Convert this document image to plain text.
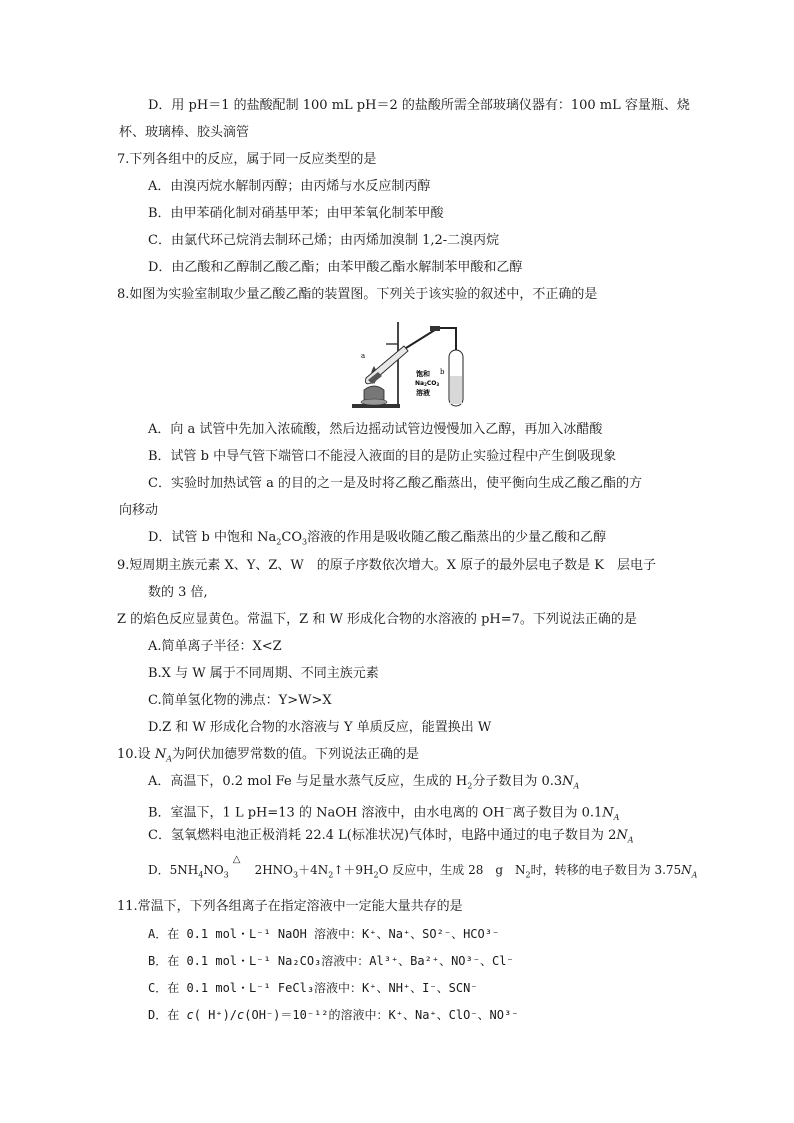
D．用 pH＝1 的盐酸配制 100 mL pH＝2 的盐酸所需全部玻璃仪器有：100 mL 容量瓶、烧
杯、玻璃棒、胶头滴管
7.下列各组中的反应，属于同一反应类型的是
A．由溴丙烷水解制丙醇；由丙烯与水反应制丙醇
B．由甲苯硝化制对硝基甲苯；由甲苯氧化制苯甲酸
C．由氯代环己烷消去制环己烯；由丙烯加溴制 1,2-二溴丙烷
D．由乙酸和乙醇制乙酸乙酯；由苯甲酸乙酯水解制苯甲酸和乙醇
8.如图为实验室制取少量乙酸乙酯的装置图。下列关于该实验的叙述中，不正确的是
a
b
饱和
Na2CO3
溶液
A．向 a 试管中先加入浓硫酸，然后边摇动试管边慢慢加入乙醇，再加入冰醋酸
B．试管 b 中导气管下端管口不能浸入液面的目的是防止实验过程中产生倒吸现象
C．实验时加热试管 a 的目的之一是及时将乙酸乙酯蒸出，使平衡向生成乙酸乙酯的方
向移动
D．试管 b 中饱和 $Na_2CO_3$溶液的作用是吸收随乙酸乙酯蒸出的少量乙酸和乙醇
9.短周期主族元素 X、Y、Z、W　的原子序数依次增大。X 原子的最外层电子数是 K　层电子
数的 3 倍,
Z 的焰色反应显黄色。常温下，Z 和 W 形成化合物的水溶液的 pH=7。下列说法正确的是
A.简单离子半径：X<Z
B.X 与 W 属于不同周期、不同主族元素
C.简单氢化物的沸点：Y>W>X
D.Z 和 W 形成化合物的水溶液与 Y 单质反应，能置换出 W
10.设 $N_A$为阿伏加德罗常数的值。下列说法正确的是
A．高温下，0.2 mol Fe 与足量水蒸气反应，生成的 $H_2$分子数目为 $0.3N_A$
B．室温下，1 L pH=13 的 NaOH 溶液中，由水电离的 OH－离子数目为 $0.1N_A$
C．氢氧燃料电池正极消耗 22.4 L(标准状况)气体时，电路中通过的电子数目为 $2N_A$
D．$5NH_4NO_3$
△
$2HNO_3+4N_2↑+9H_2O$ 反应中，生成 28　g　$N_2$时，转移的电子数目为 $3.75N_A$
11.常温下，下列各组离子在指定溶液中一定能大量共存的是
A．在 0.1 mol・L⁻¹ NaOH 溶液中：K⁺、Na⁺、SO²⁻、HCO³⁻
B．在 0.1 mol・L⁻¹ Na₂CO₃溶液中：Al³⁺、Ba²⁺、NO³⁻、Cl⁻
C．在 0.1 mol・L⁻¹ FeCl₃溶液中：K⁺、NH⁺、I⁻、SCN⁻
D．在 c( H⁺)/c(OH⁻)＝10⁻¹²的溶液中：K⁺、Na⁺、ClO⁻、NO³⁻
